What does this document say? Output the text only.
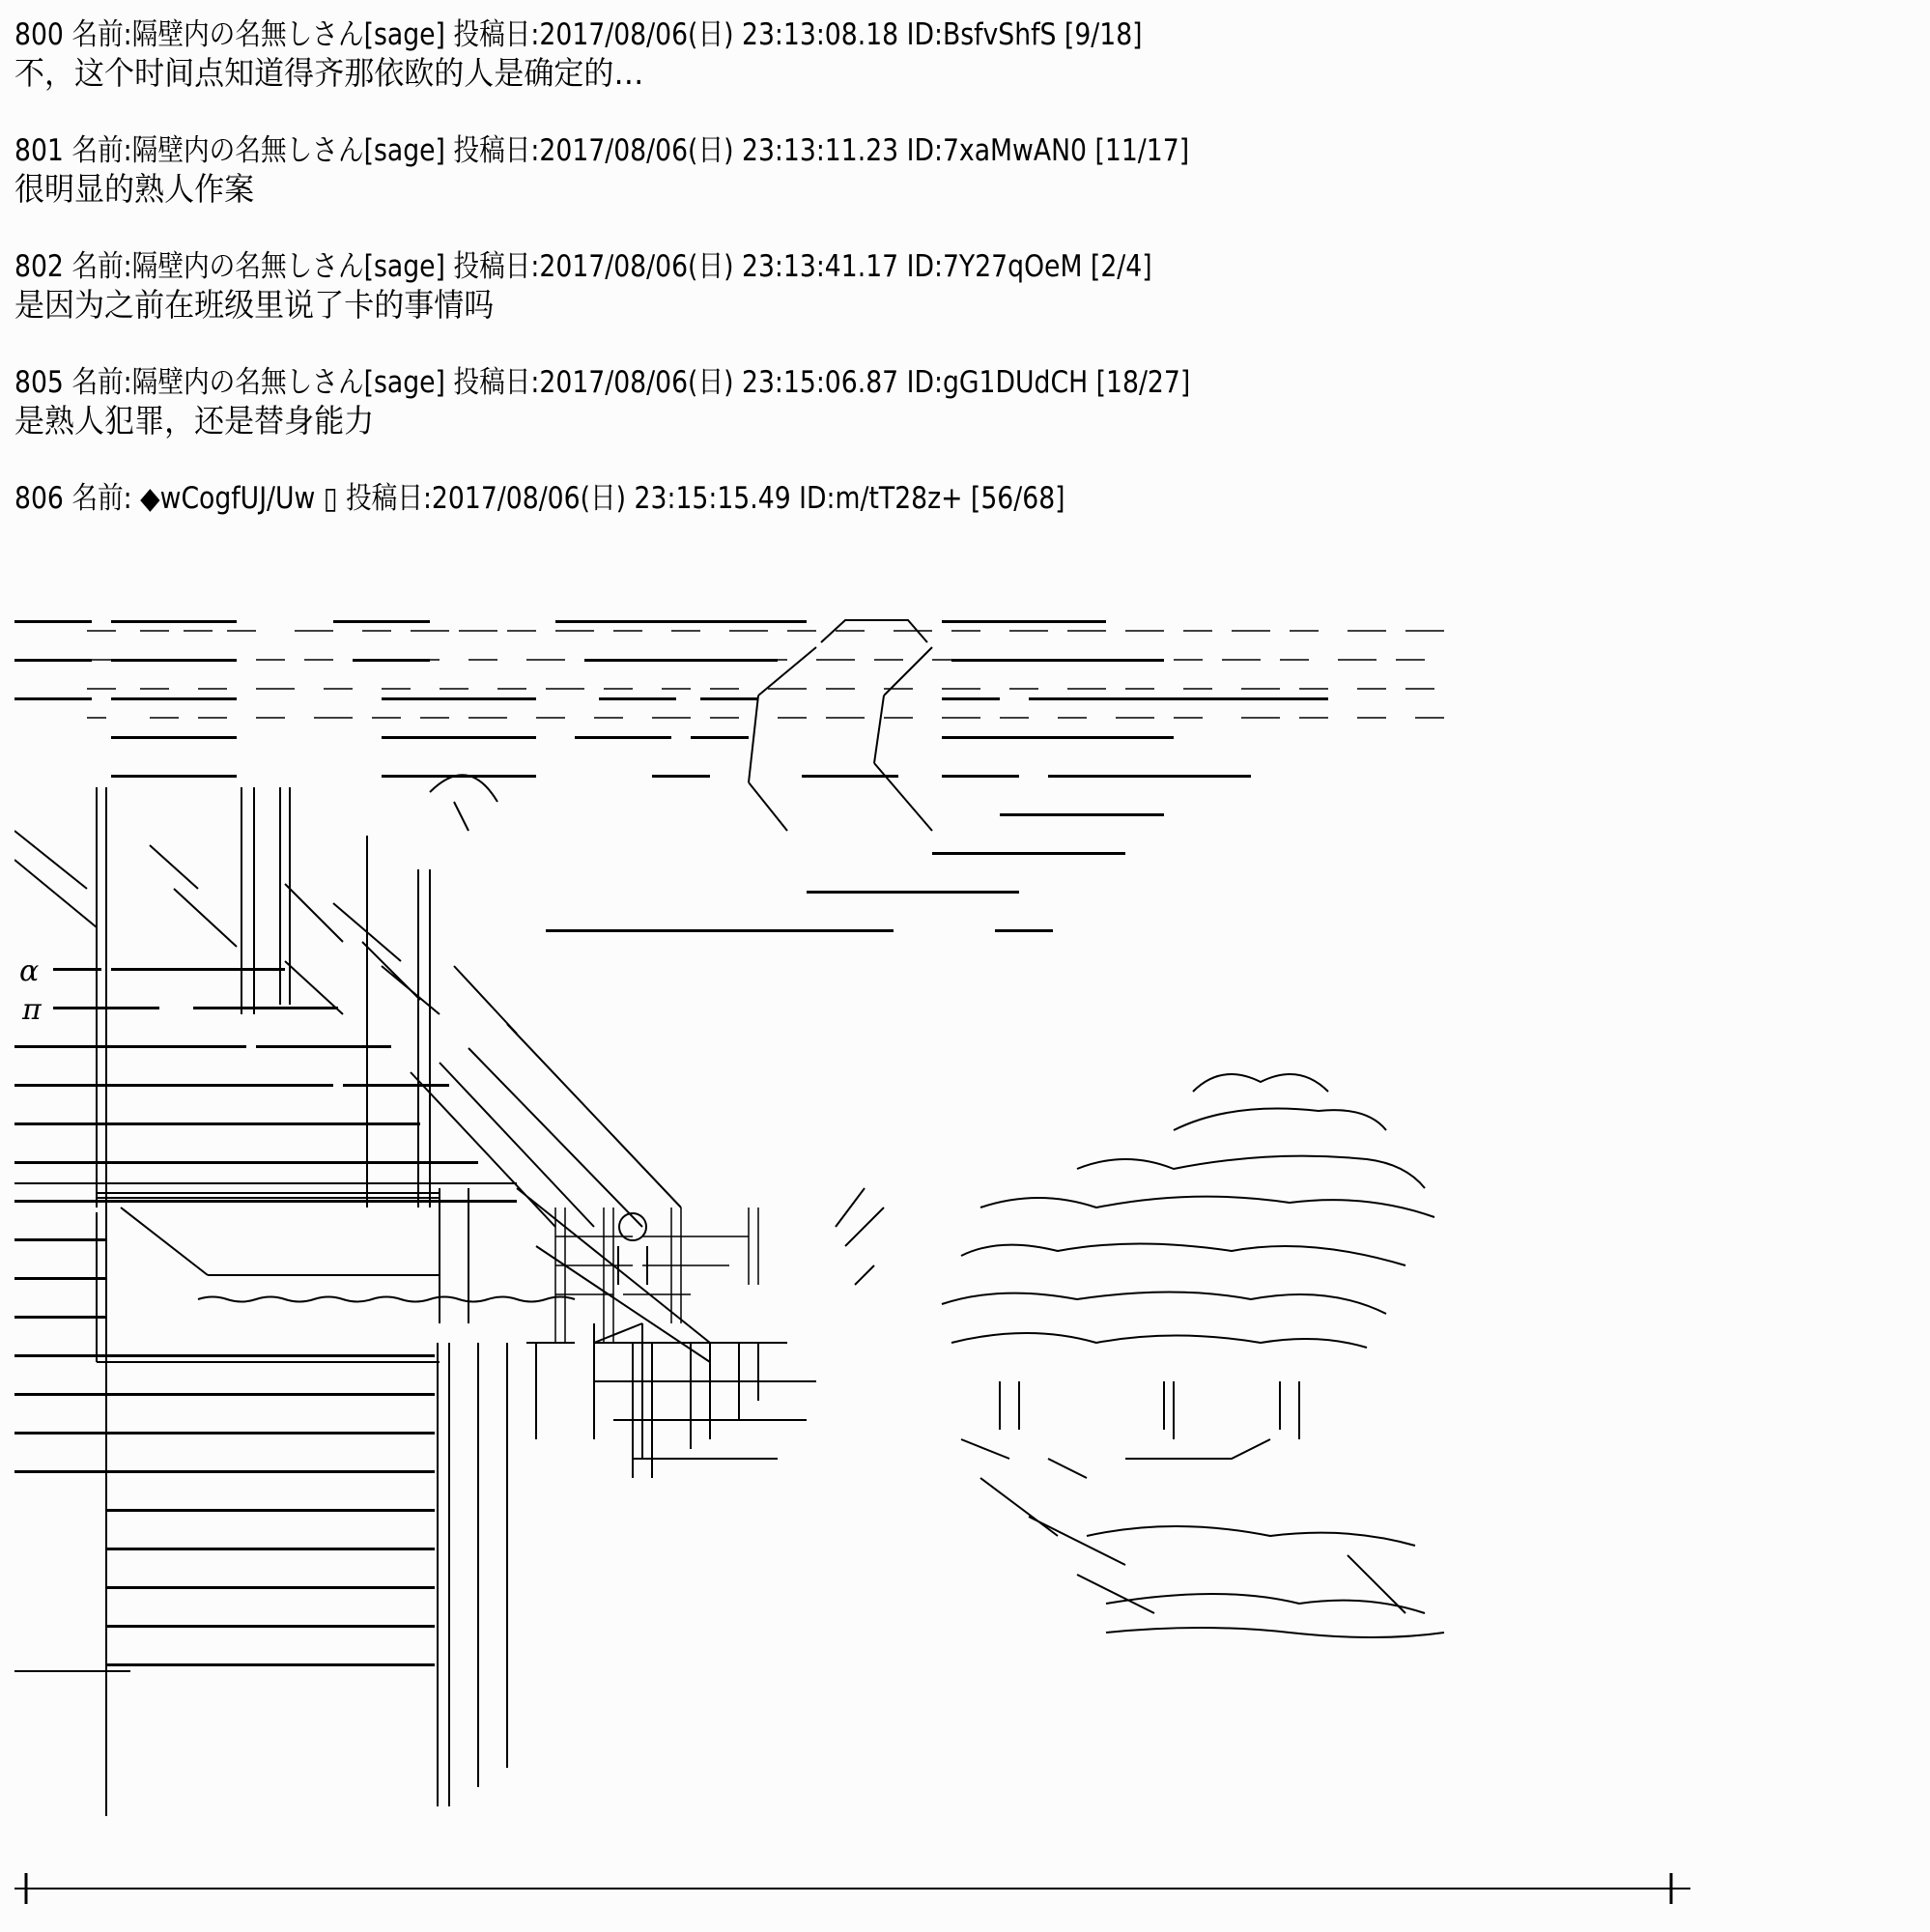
800 名前:隔壁内の名無しさん[sage] 投稿日:2017/08/06(日) 23:13:08.18 ID:BsfvShfS [9/18]
不，这个时间点知道得齐那依欧的人是确定的…
801 名前:隔壁内の名無しさん[sage] 投稿日:2017/08/06(日) 23:13:11.23 ID:7xaMwAN0 [11/17]
很明显的熟人作案
802 名前:隔壁内の名無しさん[sage] 投稿日:2017/08/06(日) 23:13:41.17 ID:7Y27qOeM [2/4]
是因为之前在班级里说了卡的事情吗
805 名前:隔壁内の名無しさん[sage] 投稿日:2017/08/06(日) 23:15:06.87 ID:gG1DUdCH [18/27]
是熟人犯罪，还是替身能力
806 名前: ◆wCogfUJ/Uw ▯ 投稿日:2017/08/06(日) 23:15:15.49 ID:m/tT28z+ [56/68]
α
π
